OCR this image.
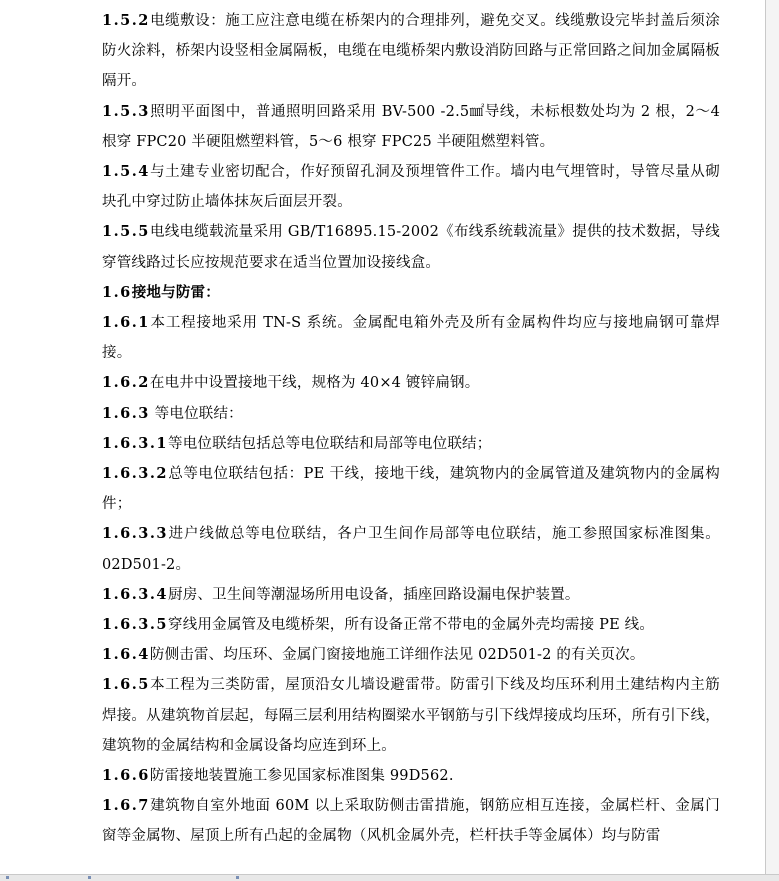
1.5.2电缆敷设：施工应注意电缆在桥架内的合理排列，避免交叉。线缆敷设完毕封盖后须涂防火涂料，桥架内设竖相金属隔板，电缆在电缆桥架内敷设消防回路与正常回路之间加金属隔板隔开。

1.5.3照明平面图中，普通照明回路采用 BV-500 -2.5㎟导线，未标根数处均为 2 根，2～4 根穿 FPC20 半硬阻燃塑料管，5～6 根穿 FPC25 半硬阻燃塑料管。

1.5.4与土建专业密切配合，作好预留孔洞及预埋管件工作。墙内电气埋管时，导管尽量从砌块孔中穿过防止墙体抹灰后面层开裂。

1.5.5电线电缆载流量采用 GB/T16895.15-2002《布线系统载流量》提供的技术数据，导线穿管线路过长应按规范要求在适当位置加设接线盒。

1.6接地与防雷：

1.6.1本工程接地采用 TN-S 系统。金属配电箱外壳及所有金属构件均应与接地扁钢可靠焊接。

1.6.2在电井中设置接地干线，规格为 40×4 镀锌扁钢。

1.6.3 等电位联结：

1.6.3.1等电位联结包括总等电位联结和局部等电位联结；

1.6.3.2总等电位联结包括：PE 干线，接地干线，建筑物内的金属管道及建筑物内的金属构件；

1.6.3.3进户线做总等电位联结，各户卫生间作局部等电位联结，施工参照国家标准图集。02D501-2。

1.6.3.4厨房、卫生间等潮湿场所用电设备，插座回路设漏电保护装置。

1.6.3.5穿线用金属管及电缆桥架，所有设备正常不带电的金属外壳均需接 PE 线。

1.6.4防侧击雷、均压环、金属门窗接地施工详细作法见 02D501-2 的有关页次。

1.6.5本工程为三类防雷，屋顶沿女儿墙设避雷带。防雷引下线及均压环利用土建结构内主筋焊接。从建筑物首层起，每隔三层利用结构圈梁水平钢筋与引下线焊接成均压环，所有引下线，建筑物的金属结构和金属设备均应连到环上。

1.6.6防雷接地装置施工参见国家标准图集 99D562.

1.6.7建筑物自室外地面 60M 以上采取防侧击雷措施，钢筋应相互连接，金属栏杆、金属门窗等金属物、屋顶上所有凸起的金属物（风机金属外壳，栏杆扶手等金属体）均与防雷
